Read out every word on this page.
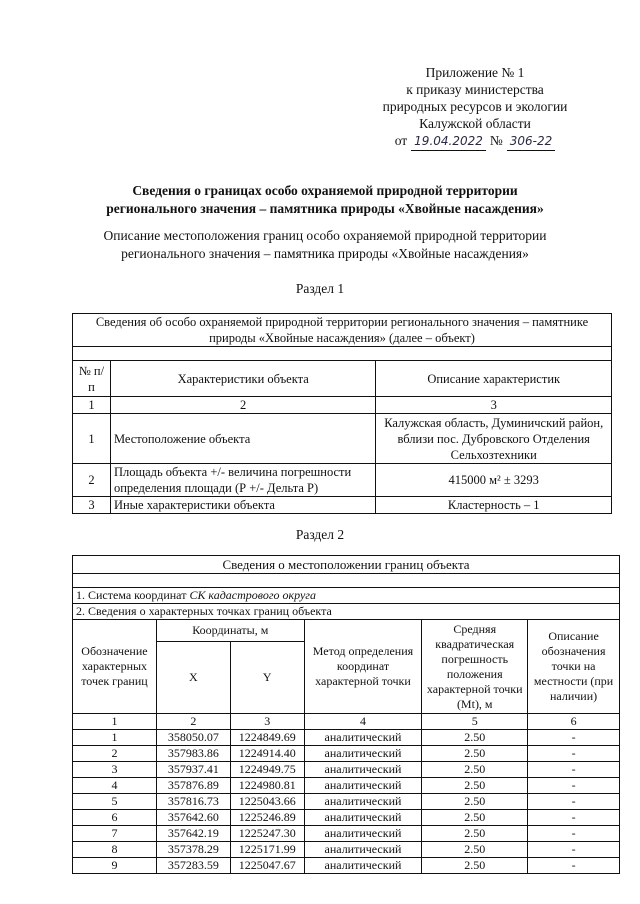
Приложение № 1
к приказу министерства
природных ресурсов и экологии
Калужской области
от 19.04.2022 № 306-22
Сведения о границах особо охраняемой природной территории
регионального значения – памятника природы «Хвойные насаждения»
Описание местоположения границ особо охраняемой природной территории
регионального значения – памятника природы «Хвойные насаждения»
Раздел 1
Сведения об особо охраняемой природной территории регионального значения – памятнике природы «Хвойные насаждения» (далее – объект)		

№ п/п	Характеристики объекта	Описание характеристик
1	2	3
1	Местоположение объекта	Калужская область, Думиничский район, вблизи пос. Дубровского Отделения Сельхозтехники
2	Площадь объекта +/- величина погрешности определения площади (Р +/- Дельта Р)	415000 м² ± 3293
3	Иные характеристики объекта	Кластерность – 1
Раздел 2
Сведения о местоположении границ объекта					

1. Система координат СК кадастрового округа					
2. Сведения о характерных точках границ объекта					
Обозначение характерных точек границ	Координаты, м		Метод определения координат характерной точки	Средняя квадратическая погрешность положения характерной точки (Mt), м	Описание обозначения точки на местности (при наличии)
	X	Y			
1	2	3	4	5	6
1	358050.07	1224849.69	аналитический	2.50	-
2	357983.86	1224914.40	аналитический	2.50	-
3	357937.41	1224949.75	аналитический	2.50	-
4	357876.89	1224980.81	аналитический	2.50	-
5	357816.73	1225043.66	аналитический	2.50	-
6	357642.60	1225246.89	аналитический	2.50	-
7	357642.19	1225247.30	аналитический	2.50	-
8	357378.29	1225171.99	аналитический	2.50	-
9	357283.59	1225047.67	аналитический	2.50	-
